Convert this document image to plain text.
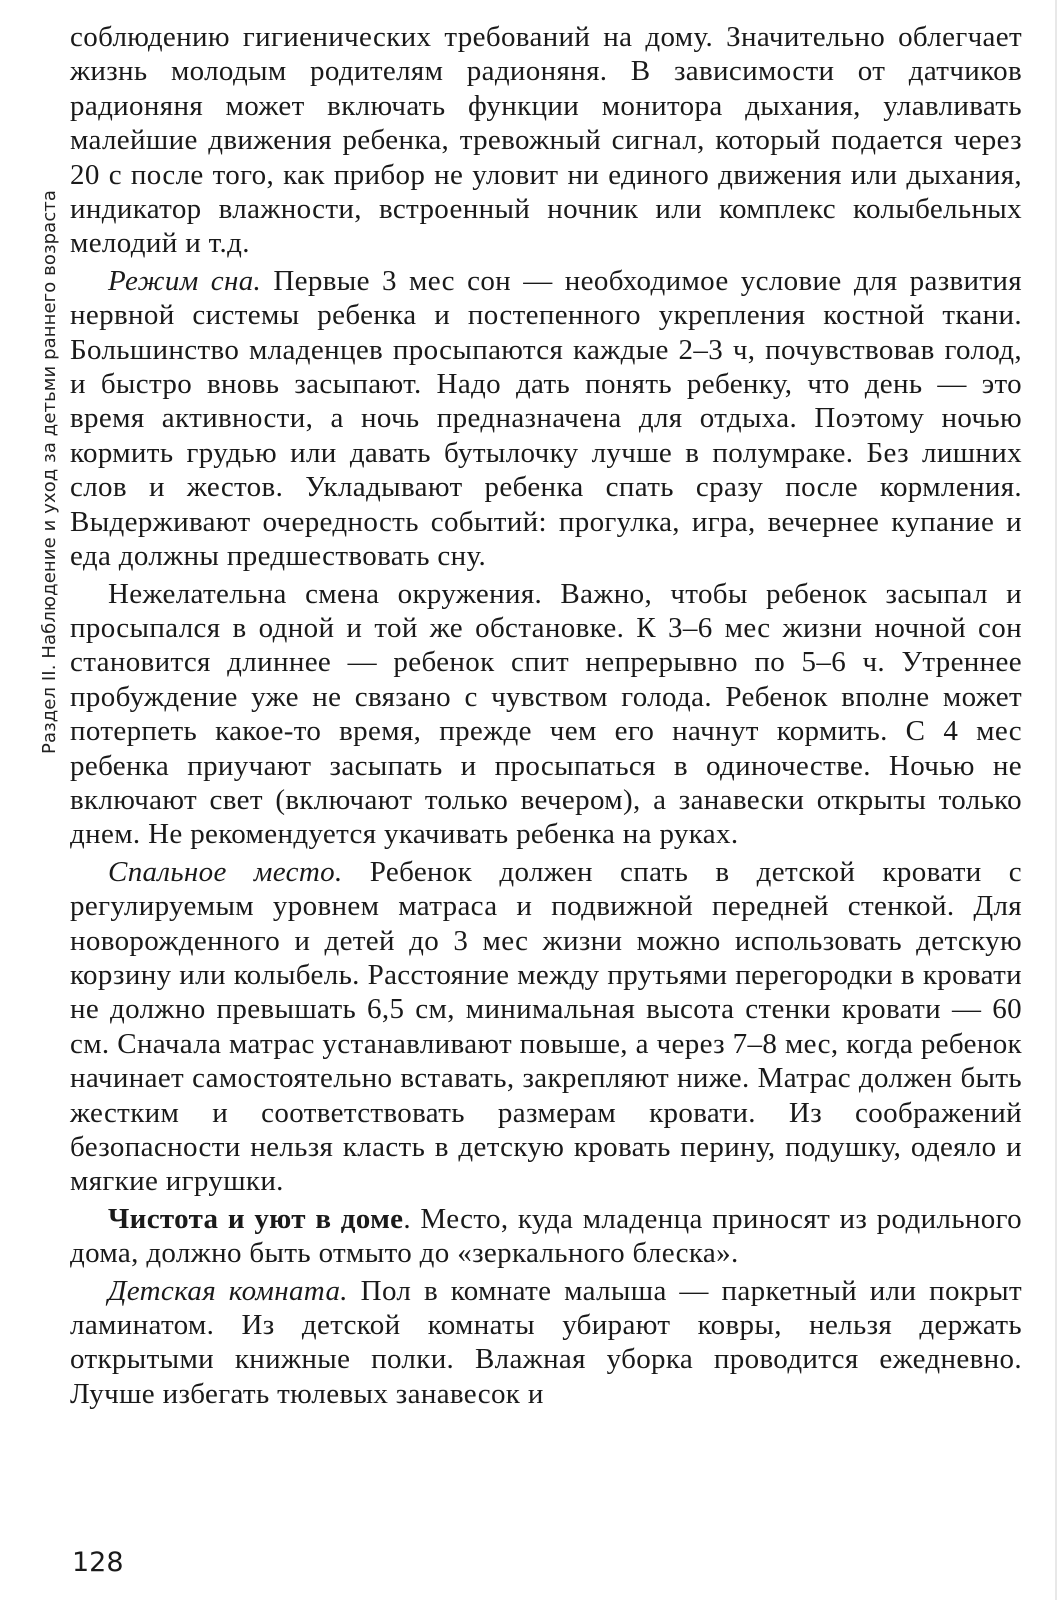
Раздел II. Наблюдение и уход за детьми раннего возраста

соблюдению гигиенических требований на дому. Значительно облегчает жизнь молодым родителям радионяня. В зависимости от датчиков радионяня может включать функции монитора дыхания, улавливать малейшие движения ребенка, тревожный сигнал, который подается через 20 с после того, как прибор не уловит ни единого движения или дыхания, индикатор влажности, встроенный ночник или комплекс колыбельных мелодий и т.д.

Режим сна. Первые 3 мес сон — необходимое условие для развития нервной системы ребенка и постепенного укрепления костной ткани. Большинство младенцев просыпаются каждые 2–3 ч, почувствовав голод, и быстро вновь засыпают. Надо дать понять ребенку, что день — это время активности, а ночь предназначена для отдыха. Поэтому ночью кормить грудью или давать бутылочку лучше в полумраке. Без лишних слов и жестов. Укладывают ребенка спать сразу после кормления. Выдерживают очередность событий: прогулка, игра, вечернее купание и еда должны предшествовать сну.

Нежелательна смена окружения. Важно, чтобы ребенок засыпал и просыпался в одной и той же обстановке. К 3–6 мес жизни ночной сон становится длиннее — ребенок спит непрерывно по 5–6 ч. Утреннее пробуждение уже не связано с чувством голода. Ребенок вполне может потерпеть какое-то время, прежде чем его начнут кормить. С 4 мес ребенка приучают засыпать и просыпаться в одиночестве. Ночью не включают свет (включают только вечером), а занавески открыты только днем. Не рекомендуется укачивать ребенка на руках.

Спальное место. Ребенок должен спать в детской кровати с регулируемым уровнем матраса и подвижной передней стенкой. Для новорожденного и детей до 3 мес жизни можно использовать детскую корзину или колыбель. Расстояние между прутьями перегородки в кровати не должно превышать 6,5 см, минимальная высота стенки кровати — 60 см. Сначала матрас устанавливают повыше, а через 7–8 мес, когда ребенок начинает самостоятельно вставать, закрепляют ниже. Матрас должен быть жестким и соответствовать размерам кровати. Из соображений безопасности нельзя класть в детскую кровать перину, подушку, одеяло и мягкие игрушки.

Чистота и уют в доме. Место, куда младенца приносят из родильного дома, должно быть отмыто до «зеркального блеска».

Детская комната. Пол в комнате малыша — паркетный или покрыт ламинатом. Из детской комнаты убирают ковры, нельзя держать открытыми книжные полки. Влажная уборка проводится ежедневно. Лучше избегать тюлевых занавесок и

128
